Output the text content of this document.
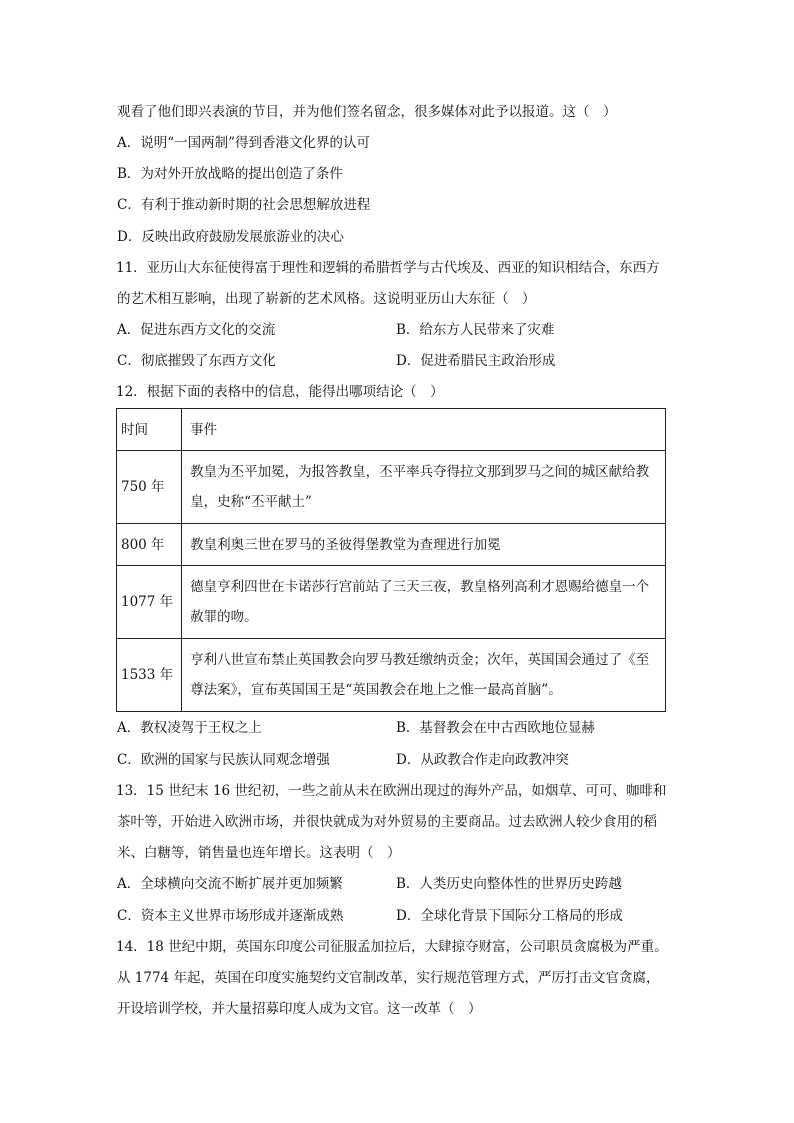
观看了他们即兴表演的节目，并为他们签名留念，很多媒体对此予以报道。这（　）
A．说明“一国两制”得到香港文化界的认可
B．为对外开放战略的提出创造了条件
C．有利于推动新时期的社会思想解放进程
D．反映出政府鼓励发展旅游业的决心
11．亚历山大东征使得富于理性和逻辑的希腊哲学与古代埃及、西亚的知识相结合，东西方
的艺术相互影响，出现了崭新的艺术风格。这说明亚历山大东征（　）
A．促进东西方文化的交流	B．给东方人民带来了灾难
C．彻底摧毁了东西方文化	D．促进希腊民主政治形成
12．根据下面的表格中的信息，能得出哪项结论（　）
时间	事件
750 年	教皇为丕平加冕，为报答教皇，丕平率兵夺得拉文那到罗马之间的城区献给教
皇，史称“丕平献土”

800 年	教皇利奥三世在罗马的圣彼得堡教堂为查理进行加冕

1077 年	德皇亨利四世在卡诺莎行宫前站了三天三夜，教皇格列高利才恩赐给德皇一个
赦罪的吻。

1533 年	亨利八世宣布禁止英国教会向罗马教廷缴纳贡金；次年，英国国会通过了《至
尊法案》，宣布英国国王是“英国教会在地上之惟一最高首脑”。
A．教权凌驾于王权之上	B．基督教会在中古西欧地位显赫
C．欧洲的国家与民族认同观念增强	D．从政教合作走向政教冲突
13．15 世纪末 16 世纪初，一些之前从未在欧洲出现过的海外产品，如烟草、可可、咖啡和
茶叶等，开始进入欧洲市场，并很快就成为对外贸易的主要商品。过去欧洲人较少食用的稻
米、白糖等，销售量也连年增长。这表明（　）
A．全球横向交流不断扩展并更加频繁	B．人类历史向整体性的世界历史跨越
C．资本主义世界市场形成并逐渐成熟	D．全球化背景下国际分工格局的形成
14．18 世纪中期，英国东印度公司征服孟加拉后，大肆掠夺财富，公司职员贪腐极为严重。
从 1774 年起，英国在印度实施契约文官制改革，实行规范管理方式，严厉打击文官贪腐，
开设培训学校，并大量招募印度人成为文官。这一改革（　）
